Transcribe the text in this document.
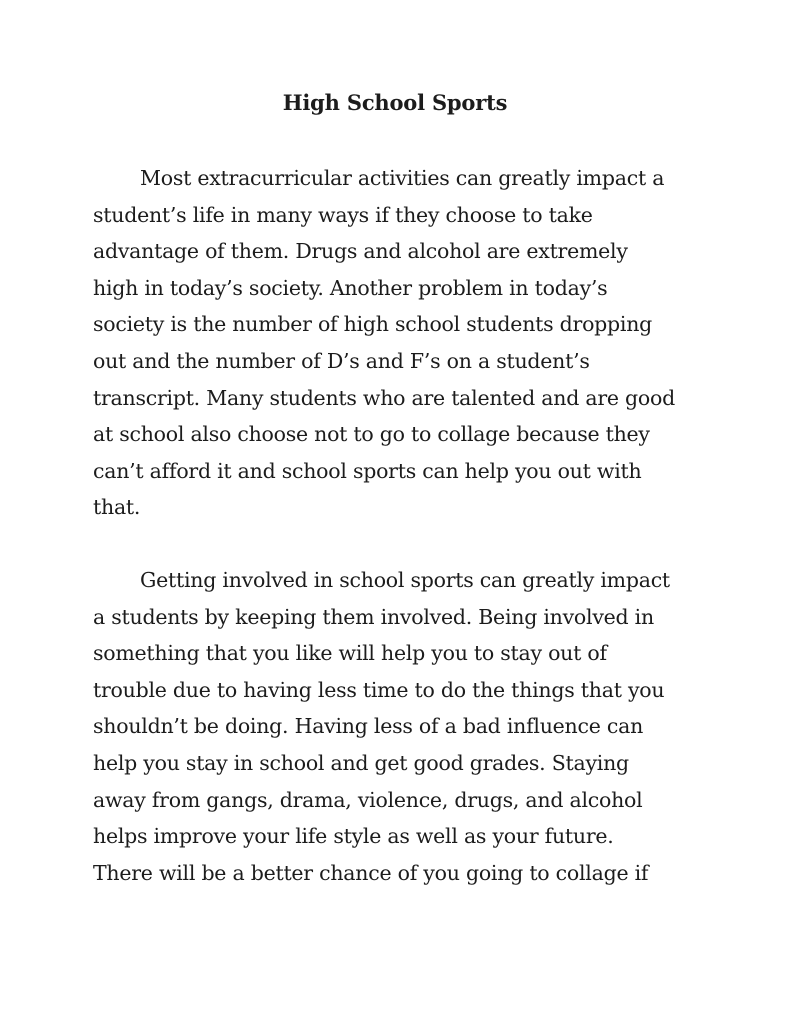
High School Sports
Most extracurricular activities can greatly impact a
student’s life in many ways if they choose to take
advantage of them. Drugs and alcohol are extremely
high in today’s society. Another problem in today’s
society is the number of high school students dropping
out and the number of D’s and F’s on a student’s
transcript. Many students who are talented and are good
at school also choose not to go to collage because they
can’t afford it and school sports can help you out with
that.
Getting involved in school sports can greatly impact
a students by keeping them involved. Being involved in
something that you like will help you to stay out of
trouble due to having less time to do the things that you
shouldn’t be doing. Having less of a bad influence can
help you stay in school and get good grades. Staying
away from gangs, drama, violence, drugs, and alcohol
helps improve your life style as well as your future.
There will be a better chance of you going to collage if
